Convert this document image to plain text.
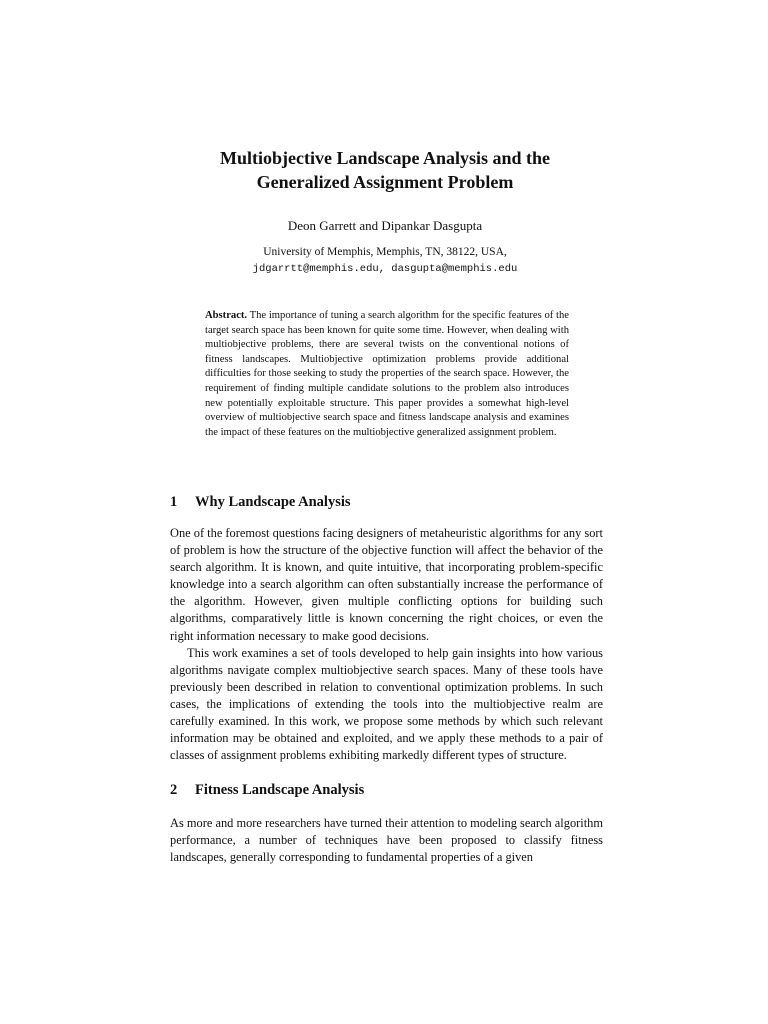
Multiobjective Landscape Analysis and the
Generalized Assignment Problem
Deon Garrett and Dipankar Dasgupta
University of Memphis, Memphis, TN, 38122, USA,
jdgarrtt@memphis.edu, dasgupta@memphis.edu
Abstract. The importance of tuning a search algorithm for the specific features of the target search space has been known for quite some time. However, when dealing with multiobjective problems, there are several twists on the conventional notions of fitness landscapes. Multiobjective optimization problems provide additional difficulties for those seeking to study the properties of the search space. However, the requirement of finding multiple candidate solutions to the problem also introduces new potentially exploitable structure. This paper provides a somewhat high-level overview of multiobjective search space and fitness landscape analysis and examines the impact of these features on the multiobjective generalized assignment problem.
1 Why Landscape Analysis

One of the foremost questions facing designers of metaheuristic algorithms for any sort of problem is how the structure of the objective function will affect the behavior of the search algorithm. It is known, and quite intuitive, that incorporating problem-specific knowledge into a search algorithm can often substantially increase the performance of the algorithm. However, given multiple conflicting options for building such algorithms, comparatively little is known concerning the right choices, or even the right information necessary to make good decisions.

This work examines a set of tools developed to help gain insights into how various algorithms navigate complex multiobjective search spaces. Many of these tools have previously been described in relation to conventional optimization problems. In such cases, the implications of extending the tools into the multiobjective realm are carefully examined. In this work, we propose some methods by which such relevant information may be obtained and exploited, and we apply these methods to a pair of classes of assignment problems exhibiting markedly different types of structure.

2 Fitness Landscape Analysis

As more and more researchers have turned their attention to modeling search algorithm performance, a number of techniques have been proposed to classify fitness landscapes, generally corresponding to fundamental properties of a given
